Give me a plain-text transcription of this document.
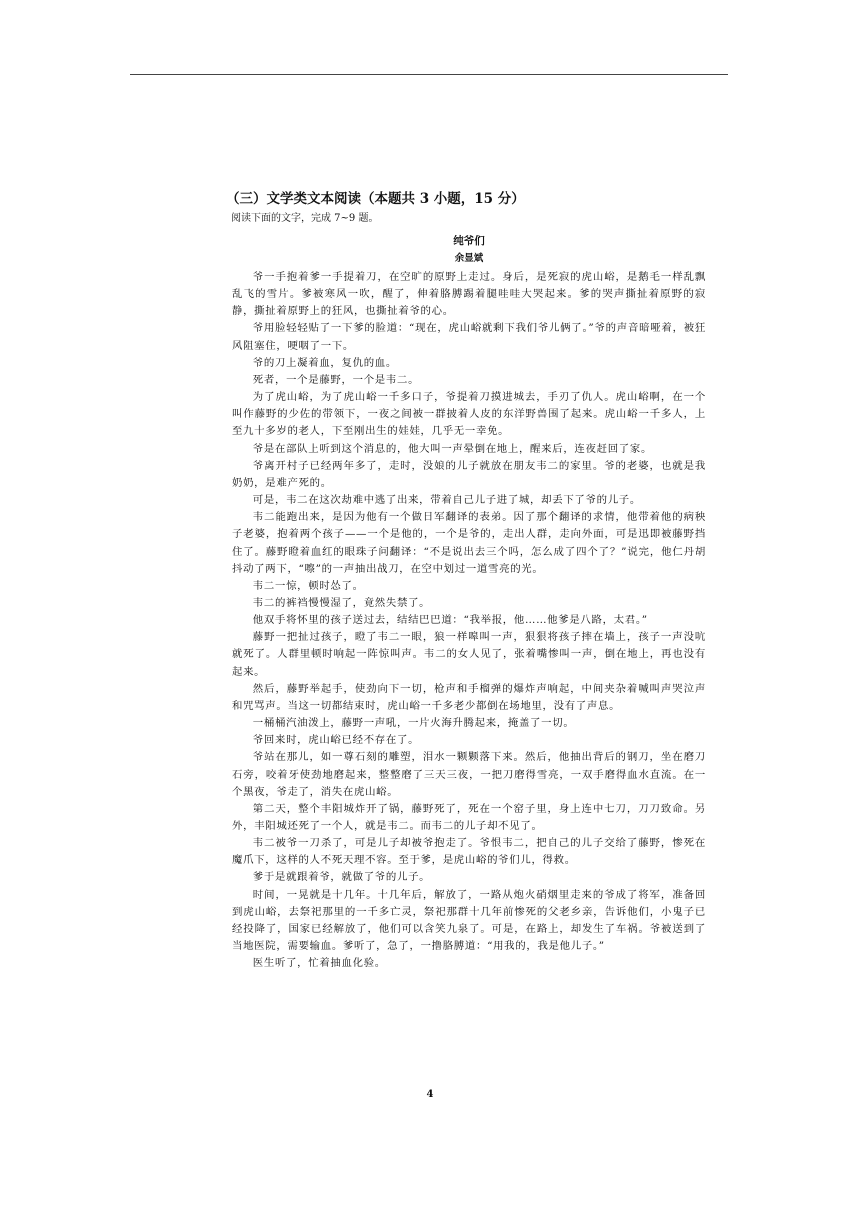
（三）文学类文本阅读（本题共 3 小题，15 分）
阅读下面的文字，完成 7~9 题。
纯爷们
余显斌

爷一手抱着爹一手提着刀，在空旷的原野上走过。身后，是死寂的虎山峪，是鹅毛一样乱飘乱飞的雪片。爹被寒风一吹，醒了，伸着胳膊踢着腿哇哇大哭起来。爹的哭声撕扯着原野的寂静，撕扯着原野上的狂风，也撕扯着爷的心。

爷用脸轻轻贴了一下爹的脸道：“现在，虎山峪就剩下我们爷儿俩了。”爷的声音暗哑着，被狂风阻塞住，哽咽了一下。

爷的刀上凝着血，复仇的血。

死者，一个是藤野，一个是韦二。

为了虎山峪，为了虎山峪一千多口子，爷提着刀摸进城去，手刃了仇人。虎山峪啊，在一个叫作藤野的少佐的带领下，一夜之间被一群披着人皮的东洋野兽围了起来。虎山峪一千多人，上至九十多岁的老人，下至刚出生的娃娃，几乎无一幸免。

爷是在部队上听到这个消息的，他大叫一声晕倒在地上，醒来后，连夜赶回了家。

爷离开村子已经两年多了，走时，没娘的儿子就放在朋友韦二的家里。爷的老婆，也就是我奶奶，是难产死的。

可是，韦二在这次劫难中逃了出来，带着自己儿子进了城，却丢下了爷的儿子。

韦二能跑出来，是因为他有一个做日军翻译的表弟。因了那个翻译的求情，他带着他的病秧子老婆，抱着两个孩子——一个是他的，一个是爷的，走出人群，走向外面，可是迅即被藤野挡住了。藤野瞪着血红的眼珠子问翻译：“不是说出去三个吗，怎么成了四个了？”说完，他仁丹胡抖动了两下，“嚓”的一声抽出战刀，在空中划过一道雪亮的光。

韦二一惊，顿时怂了。

韦二的裤裆慢慢湿了，竟然失禁了。

他双手将怀里的孩子送过去，结结巴巴道：“我举报，他……他爹是八路，太君。”

藤野一把扯过孩子，瞪了韦二一眼，狼一样嗥叫一声，狠狠将孩子摔在墙上，孩子一声没吭就死了。人群里顿时响起一阵惊叫声。韦二的女人见了，张着嘴惨叫一声，倒在地上，再也没有起来。

然后，藤野举起手，使劲向下一切，枪声和手榴弹的爆炸声响起，中间夹杂着喊叫声哭泣声和咒骂声。当这一切都结束时，虎山峪一千多老少都倒在场地里，没有了声息。

一桶桶汽油泼上，藤野一声吼，一片火海升腾起来，掩盖了一切。

爷回来时，虎山峪已经不存在了。

爷站在那儿，如一尊石刻的雕塑，泪水一颗颗落下来。然后，他抽出背后的钢刀，坐在磨刀石旁，咬着牙使劲地磨起来，整整磨了三天三夜，一把刀磨得雪亮，一双手磨得血水直流。在一个黑夜，爷走了，消失在虎山峪。

第二天，整个丰阳城炸开了锅，藤野死了，死在一个窑子里，身上连中七刀，刀刀致命。另外，丰阳城还死了一个人，就是韦二。而韦二的儿子却不见了。

韦二被爷一刀杀了，可是儿子却被爷抱走了。爷恨韦二，把自己的儿子交给了藤野，惨死在魔爪下，这样的人不死天理不容。至于爹，是虎山峪的爷们儿，得救。

爹于是就跟着爷，就做了爷的儿子。

时间，一晃就是十几年。十几年后，解放了，一路从炮火硝烟里走来的爷成了将军，准备回到虎山峪，去祭祀那里的一千多亡灵，祭祀那群十几年前惨死的父老乡亲，告诉他们，小鬼子已经投降了，国家已经解放了，他们可以含笑九泉了。可是，在路上，却发生了车祸。爷被送到了当地医院，需要输血。爹听了，急了，一撸胳膊道：“用我的，我是他儿子。”

医生听了，忙着抽血化验。

4
